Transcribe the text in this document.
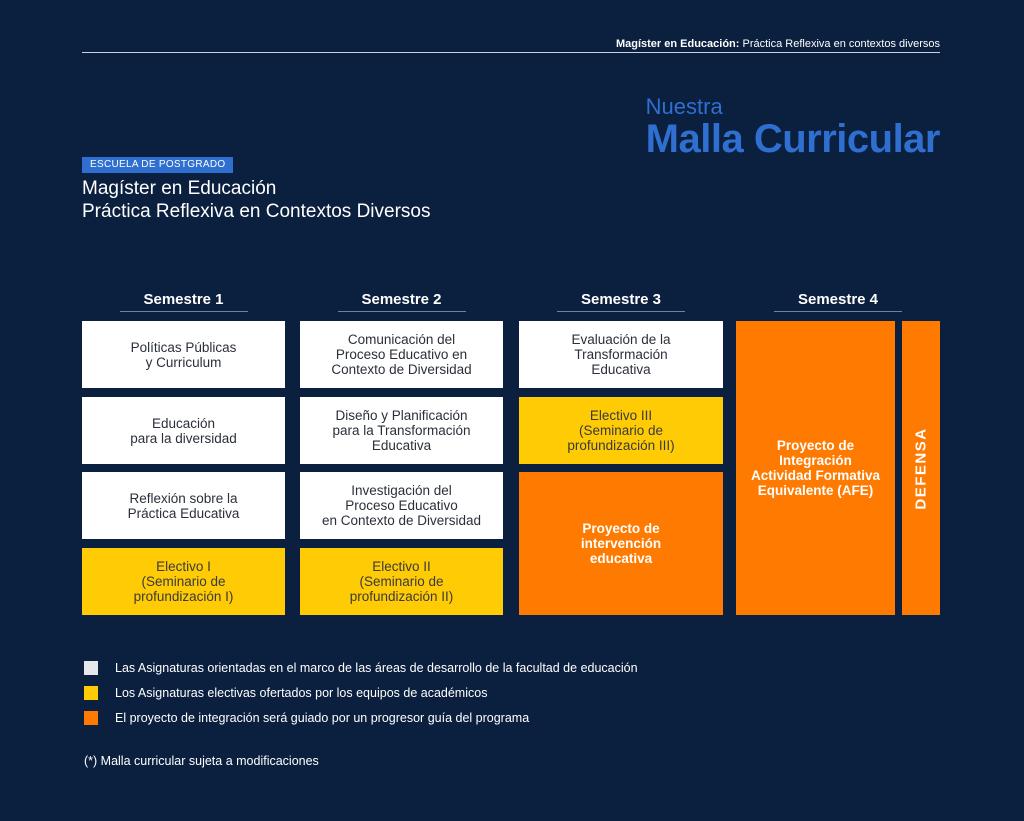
Magíster en Educación: Práctica Reflexiva en contextos diversos
Nuestra
Malla Curricular
ESCUELA DE POSTGRADO
Magíster en Educación
Práctica Reflexiva en Contextos Diversos
Semestre 1	Semestre 2	Semestre 3	Semestre 4
Políticas Públicas
y Curriculum
Educación
para la diversidad
Reflexión sobre la
Práctica Educativa
Electivo I
(Seminario de
profundización I)
Comunicación del
Proceso Educativo en
Contexto de Diversidad
Diseño y Planificación
para la Transformación
Educativa
Investigación del
Proceso Educativo
en Contexto de Diversidad
Electivo II
(Seminario de
profundización II)
Evaluación de la
Transformación
Educativa
Electivo III
(Seminario de
profundización III)
Proyecto de
intervención
educativa
Proyecto de
Integración
Actividad Formativa
Equivalente (AFE)	DEFENSA
Las Asignaturas orientadas en el marco de las áreas de desarrollo de la facultad de educación
Los Asignaturas electivas ofertados por los equipos de académicos
El proyecto de integración será guiado por un progresor guía del programa
(*) Malla curricular sujeta a modificaciones
